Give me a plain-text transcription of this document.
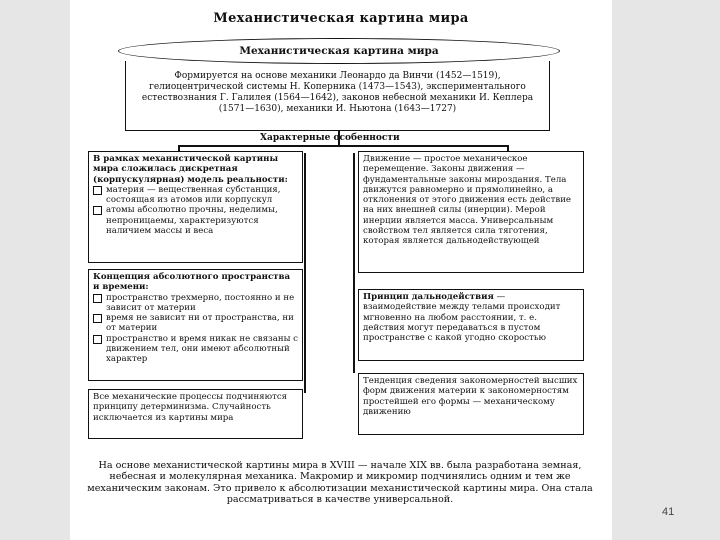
Механистическая картина мира
Формируется на основе механики Леонардо да Винчи (1452—1519), гелиоцентрической системы Н. Коперника (1473—1543), экспериментального естествознания Г. Галилея (1564—1642), законов небесной механики И. Кеплера (1571—1630), механики И. Ньютона (1643—1727)
Механистическая картина мира
Характерные особенности
В рамках механистической картины мира сложилась дискретная (корпускулярная) модель реальности:
материя — вещественная субстанция, состоящая из атомов или корпускул
атомы абсолютно прочны, неделимы, непроницаемы, характеризуются наличием массы и веса
Концепция абсолютного пространства и времени:
пространство трехмерно, постоянно и не зависит от материи
время не зависит ни от пространства, ни от материи
пространство и время никак не связаны с движением тел, они имеют абсолютный характер
Все механические процессы подчиняются принципу детерминизма. Случайность исключается из картины мира
Движение — простое механическое перемещение. Законы движения — фундаментальные законы мироздания. Тела движутся равномерно и прямолинейно, а отклонения от этого движения есть действие на них внешней силы (инерции). Мерой инерции является масса. Универсальным свойством тел является сила тяготения, которая является дальнодействующей
Принцип дальнодействия — взаимодействие между телами происходит мгновенно на любом расстоянии, т. е. действия могут передаваться в пустом пространстве с какой угодно скоростью
Тенденция сведения закономерностей высших форм движения материи к закономерностям простейшей его формы — механическому движению
На основе механистической картины мира в XVIII — начале XIX вв. была разработана земная, небесная и молекулярная механика. Макромир и микромир подчинялись одним и тем же механическим законам. Это привело к абсолютизации механистической картины мира. Она стала рассматриваться в качестве универсальной.
41
